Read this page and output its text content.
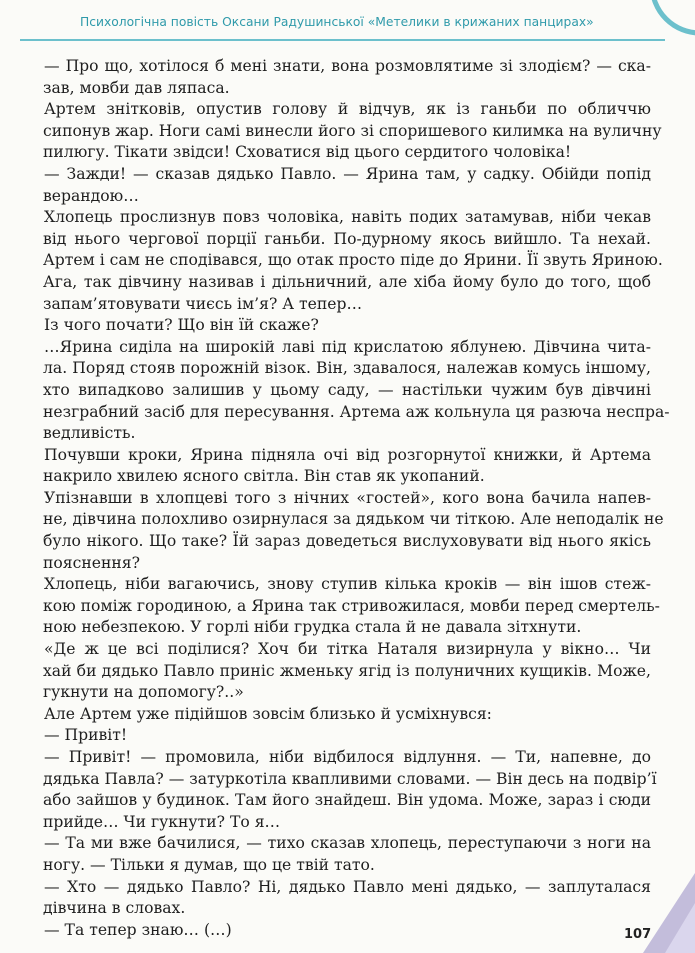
Психологічна повість Оксани Радушинської «Метелики в крижаних панцирах»
— Про що, хотілося б мені знати, вона розмовлятиме зі злодієм? — ска-
зав, мовби дав ляпаса.
Артем знітковів, опустив голову й відчув, як із ганьби по обличчю
сипонув жар. Ноги самі винесли його зі споришевого килимка на вуличну
пилюгу. Тікати звідси! Сховатися від цього сердитого чоловіка!
— Зажди! — сказав дядько Павло. — Ярина там, у садку. Обійди попід
верандою…
Хлопець прослизнув повз чоловіка, навіть подих затамував, ніби чекав
від нього чергової порції ганьби. По-дурному якось вийшло. Та нехай.
Артем і сам не сподівався, що отак просто піде до Ярини. Її звуть Яриною.
Ага, так дівчину називав і дільничний, але хіба йому було до того, щоб
запам’ятовувати чиєсь ім’я? А тепер…
Із чого почати? Що він їй скаже?
…Ярина сиділа на широкій лаві під крислатою яблунею. Дівчина чита-
ла. Поряд стояв порожній візок. Він, здавалося, належав комусь іншому,
хто випадково залишив у цьому саду, — настільки чужим був дівчині
незграбний засіб для пересування. Артема аж кольнула ця разюча неспра-
ведливість.
Почувши кроки, Ярина підняла очі від розгорнутої книжки, й Артема
накрило хвилею ясного світла. Він став як укопаний.
Упізнавши в хлопцеві того з нічних «гостей», кого вона бачила напев-
не, дівчина полохливо озирнулася за дядьком чи тіткою. Але неподалік не
було нікого. Що таке? Їй зараз доведеться вислуховувати від нього якісь
пояснення?
Хлопець, ніби вагаючись, знову ступив кілька кроків — він ішов стеж-
кою поміж городиною, а Ярина так стривожилася, мовби перед смертель-
ною небезпекою. У горлі ніби грудка стала й не давала зітхнути.
«Де ж це всі поділися? Хоч би тітка Наталя визирнула у вікно… Чи
хай би дядько Павло приніс жменьку ягід із полуничних кущиків. Може,
гукнути на допомогу?..»
Але Артем уже підійшов зовсім близько й усміхнувся:
— Привіт!
— Привіт! — промовила, ніби відбилося відлуння. — Ти, напевне, до
дядька Павла? — затуркотіла квапливими словами. — Він десь на подвір’ї
або зайшов у будинок. Там його знайдеш. Він удома. Може, зараз і сюди
прийде… Чи гукнути? То я…
— Та ми вже бачилися, — тихо сказав хлопець, переступаючи з ноги на
ногу. — Тільки я думав, що це твій тато.
— Хто — дядько Павло? Ні, дядько Павло мені дядько, — заплуталася
дівчина в словах.
— Та тепер знаю… (…)	107
